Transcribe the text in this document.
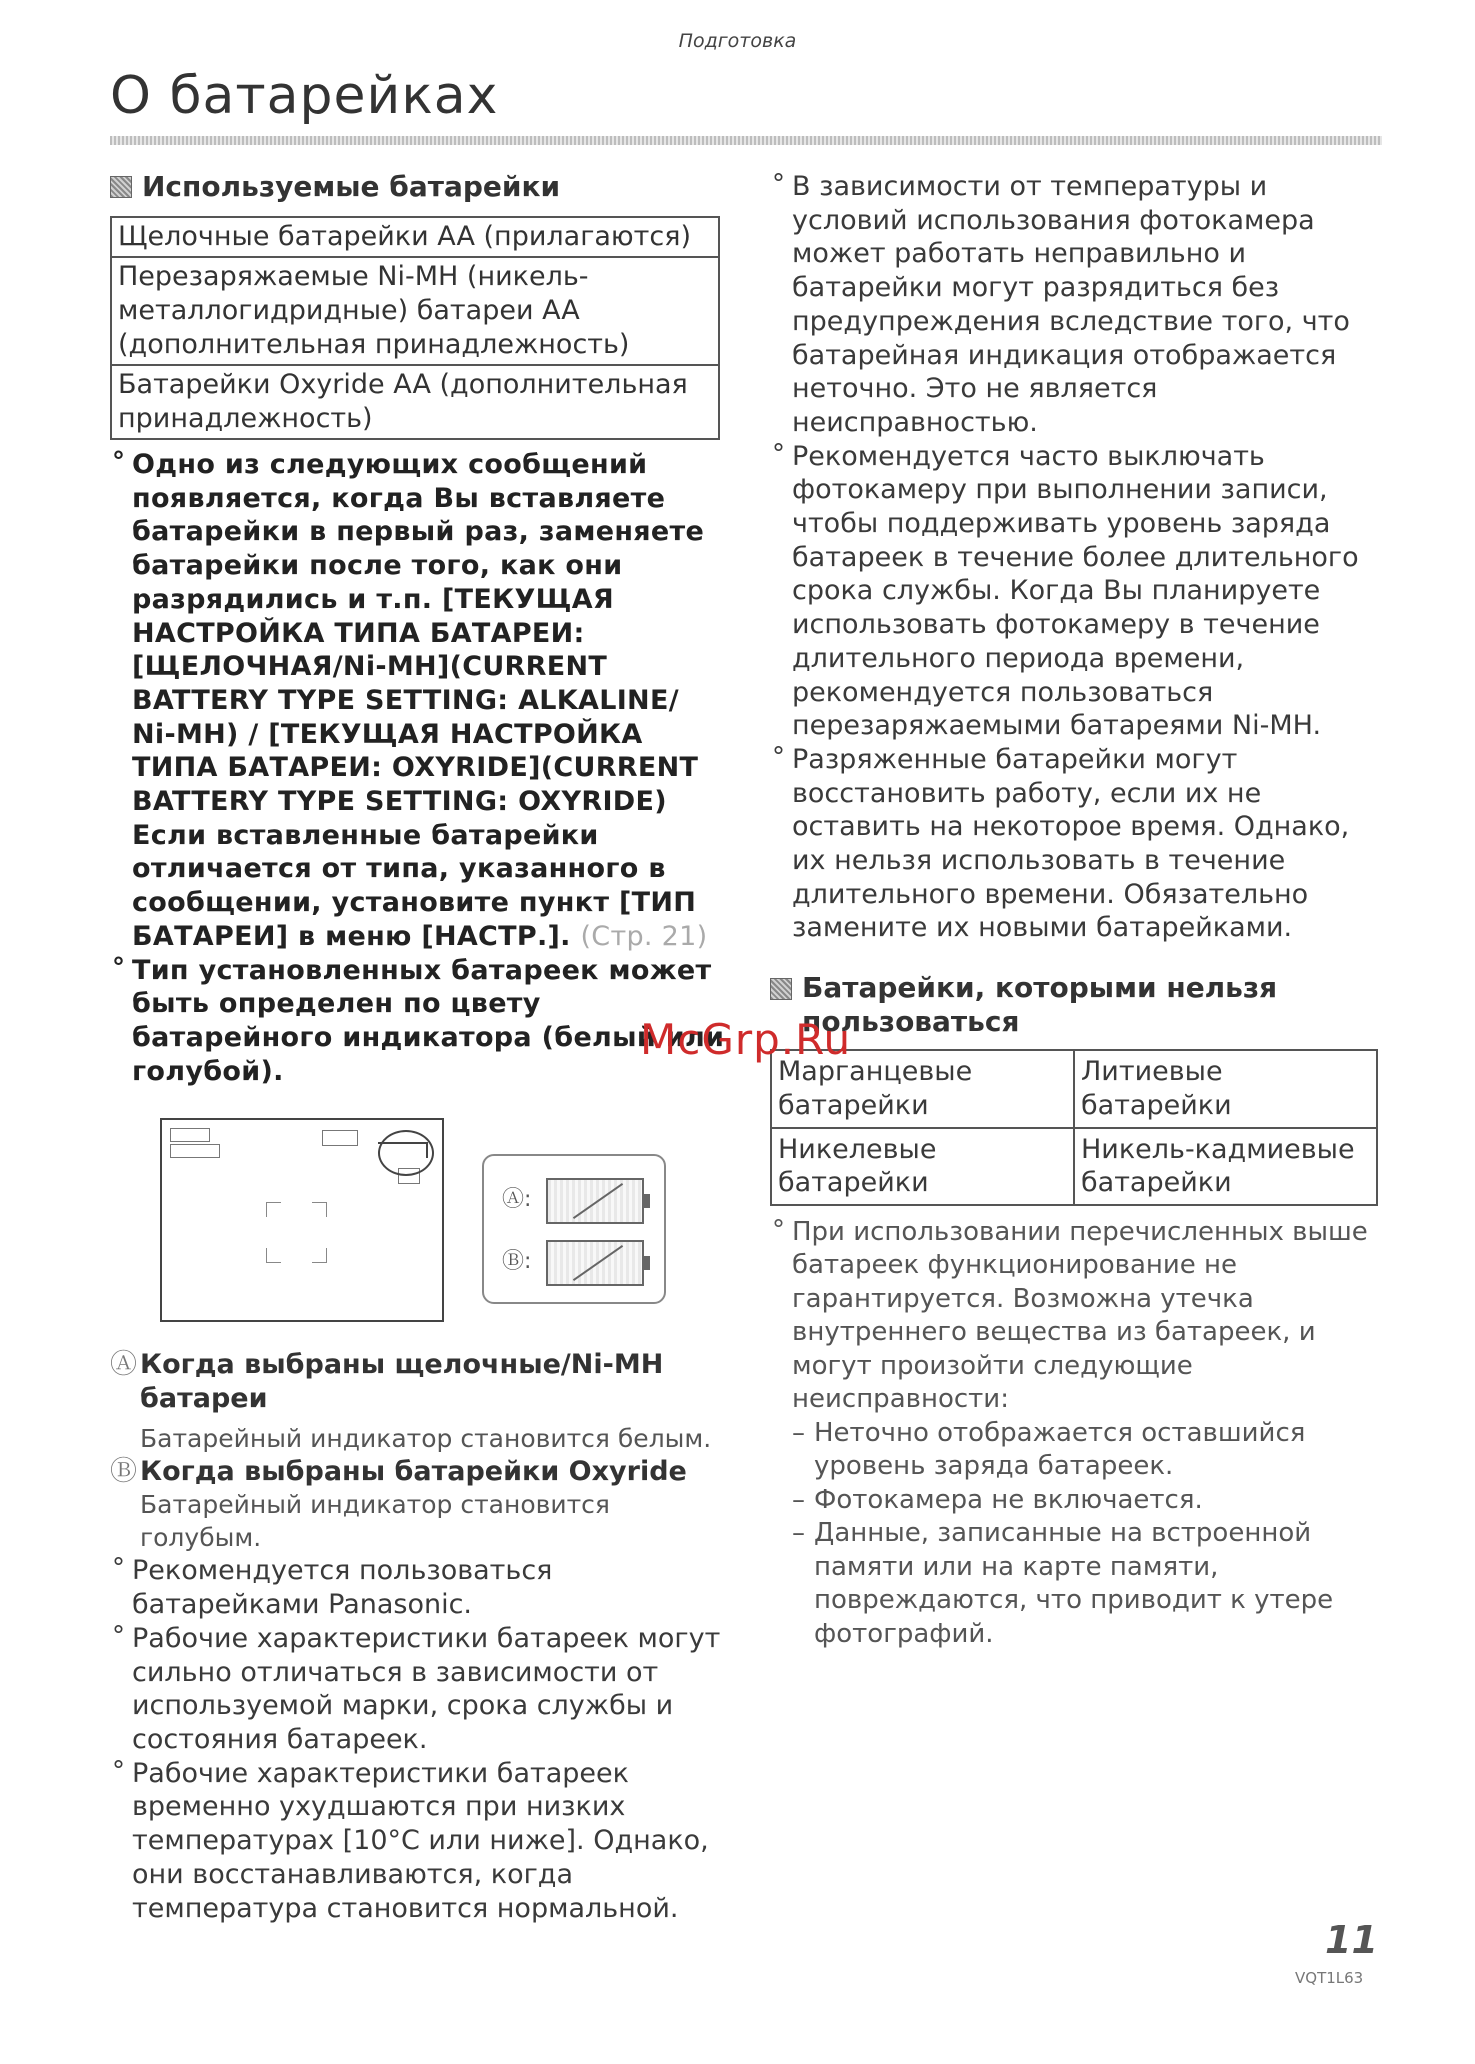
Подготовка
О батарейках
Используемые батарейки
Щелочные батарейки AA (прилагаются)
Перезаряжаемые Ni-MH (никель-металлогидридные) батареи AA (дополнительная принадлежность)
Батарейки Oxyride AA (дополнительная принадлежность)
° Одно из следующих сообщений появляется, когда Вы вставляете батарейки в первый раз, заменяете батарейки после того, как они разрядились и т.п. [ТЕКУЩАЯ НАСТРОЙКА ТИПА БАТАРЕИ: [ЩЕЛОЧНАЯ/Ni-MH](CURRENT BATTERY TYPE SETTING: ALKALINE/ Ni-MH) / [ТЕКУЩАЯ НАСТРОЙКА ТИПА БАТАРЕИ: OXYRIDE](CURRENT BATTERY TYPE SETTING: OXYRIDE) Если вставленные батарейки отличается от типа, указанного в сообщении, установите пункт [ТИП БАТАРЕИ] в меню [НАСТР.]. (Стр. 21)
° Тип установленных батареек может быть определен по цвету батарейного индикатора (белый или голубой).
Ⓐ:
Ⓑ:
Ⓐ Когда выбраны щелочные/Ni-MH батареи
Батарейный индикатор становится белым.
Ⓑ Когда выбраны батарейки Oxyride
Батарейный индикатор становится голубым.
° Рекомендуется пользоваться батарейками Panasonic.
° Рабочие характеристики батареек могут сильно отличаться в зависимости от используемой марки, срока службы и состояния батареек.
° Рабочие характеристики батареек временно ухудшаются при низких температурах [10°C или ниже]. Однако, они восстанавливаются, когда температура становится нормальной.
° В зависимости от температуры и условий использования фотокамера может работать неправильно и батарейки могут разрядиться без предупреждения вследствие того, что батарейная индикация отображается неточно. Это не является неисправностью.
° Рекомендуется часто выключать фотокамеру при выполнении записи, чтобы поддерживать уровень заряда батареек в течение более длительного срока службы. Когда Вы планируете использовать фотокамеру в течение длительного периода времени, рекомендуется пользоваться перезаряжаемыми батареями Ni-MH.
° Разряженные батарейки могут восстановить работу, если их не оставить на некоторое время. Однако, их нельзя использовать в течение длительного времени. Обязательно замените их новыми батарейками.
Батарейки, которыми нельзя пользоваться
Марганцевые батарейки	Литиевые батарейки
Никелевые батарейки	Никель-кадмиевые батарейки
° При использовании перечисленных выше батареек функционирование не гарантируется. Возможна утечка внутреннего вещества из батареек, и могут произойти следующие неисправности:
– Неточно отображается оставшийся уровень заряда батареек.
– Фотокамера не включается.
– Данные, записанные на встроенной памяти или на карте памяти, повреждаются, что приводит к утере фотографий.
McGrp.Ru
11
VQT1L63
